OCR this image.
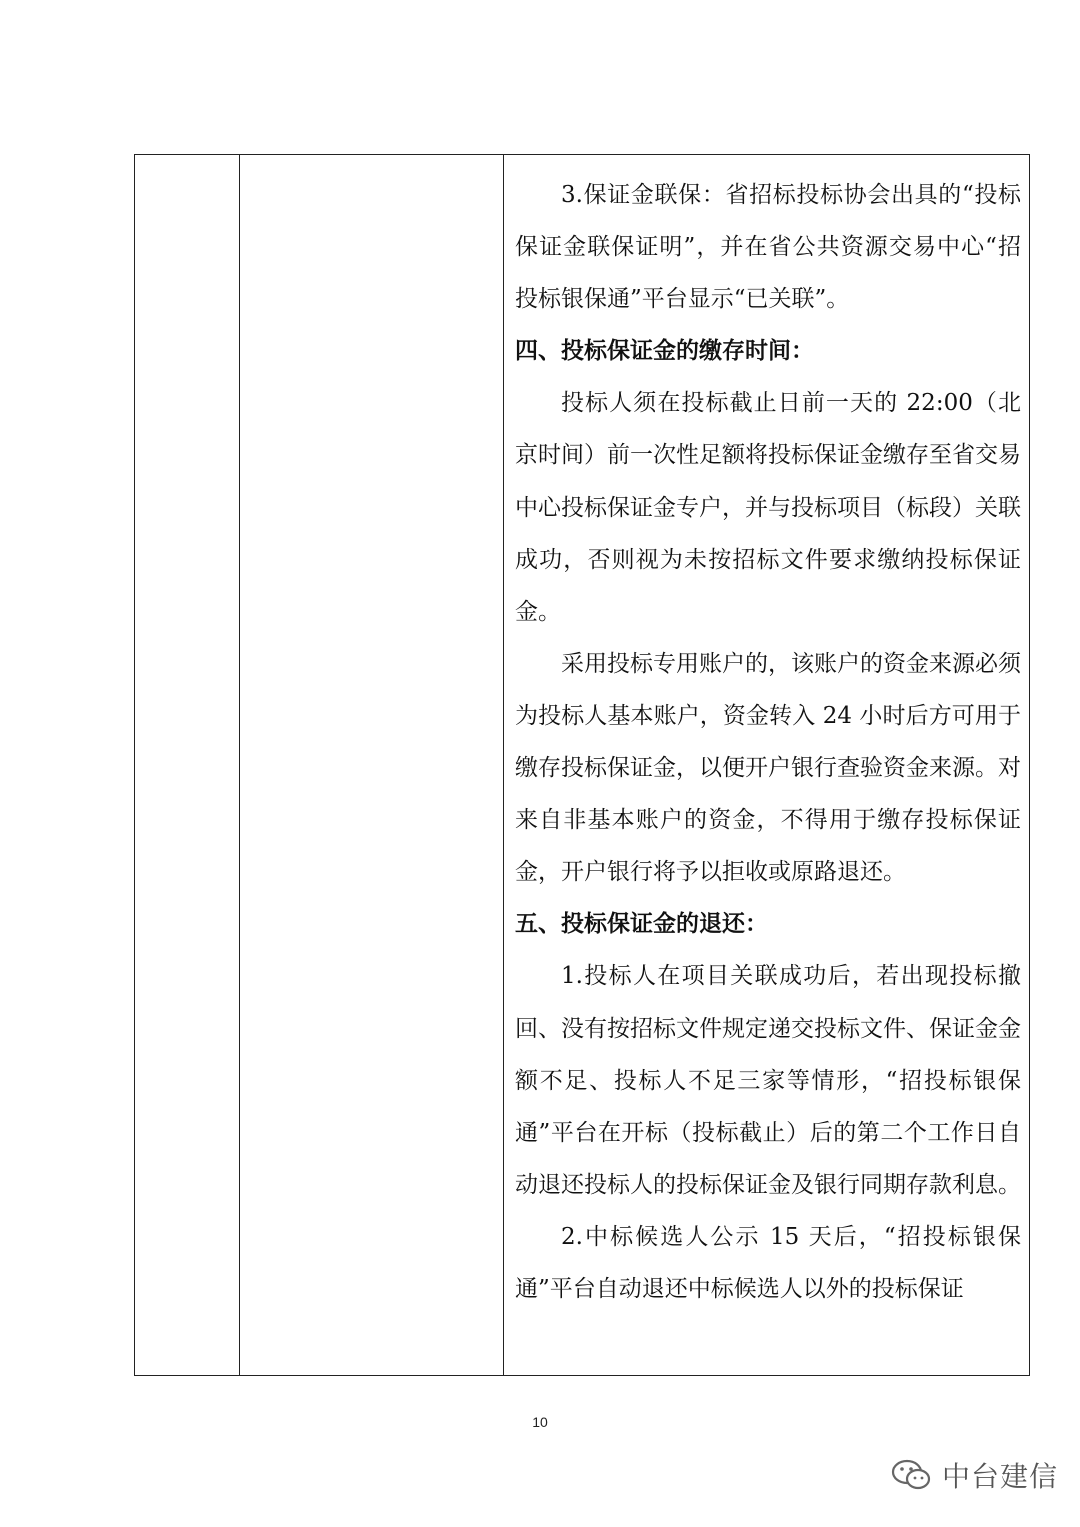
3.保证金联保：省招标投标协会出具的“投标保证金联保证明”，并在省公共资源交易中心“招投标银保通”平台显示“已关联”。

四、投标保证金的缴存时间：

投标人须在投标截止日前一天的 22:00（北京时间）前一次性足额将投标保证金缴存至省交易中心投标保证金专户，并与投标项目（标段）关联成功，否则视为未按招标文件要求缴纳投标保证金。

采用投标专用账户的，该账户的资金来源必须为投标人基本账户，资金转入 24 小时后方可用于缴存投标保证金，以便开户银行查验资金来源。对来自非基本账户的资金，不得用于缴存投标保证金，开户银行将予以拒收或原路退还。

五、投标保证金的退还：

1.投标人在项目关联成功后，若出现投标撤回、没有按招标文件规定递交投标文件、保证金金额不足、投标人不足三家等情形，“招投标银保通”平台在开标（投标截止）后的第二个工作日自动退还投标人的投标保证金及银行同期存款利息。

2.中标候选人公示 15 天后，“招投标银保通”平台自动退还中标候选人以外的投标保证

10
中台建信
